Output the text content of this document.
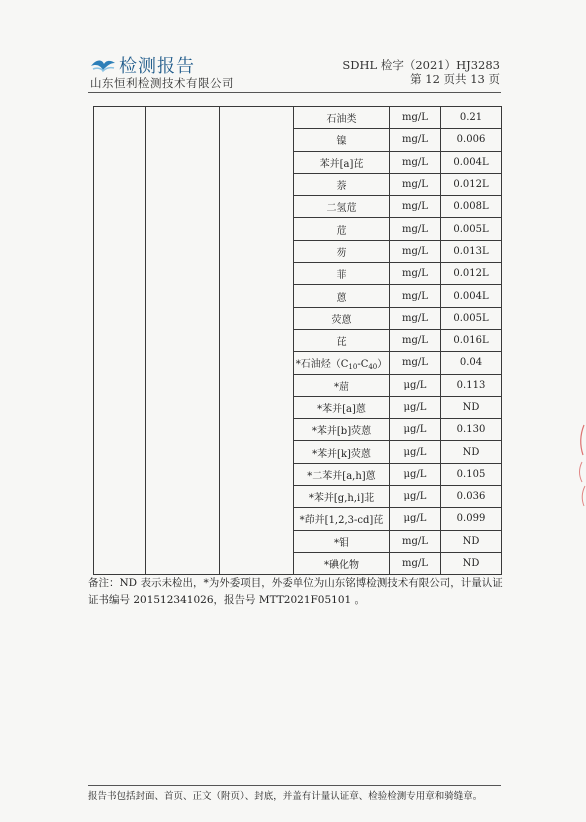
检测报告
山东恒利检测技术有限公司
SDHL 检字（2021）HJ3283
第 12 页共 13 页
			石油类	mg/L	0.21
			镍	mg/L	0.006
			苯并[a]芘	mg/L	0.004L
			萘	mg/L	0.012L
			二氢苊	mg/L	0.008L
			苊	mg/L	0.005L
			芴	mg/L	0.013L
			菲	mg/L	0.012L
			蒽	mg/L	0.004L
			荧蒽	mg/L	0.005L
			芘	mg/L	0.016L
			*石油烃$(C_{10}-C_{40})$	mg/L	0.04
			*䓛	μg/L	0.113
			*苯并[a]蒽	μg/L	ND
			*苯并[b]荧蒽	μg/L	0.130
			*苯并[k]荧蒽	μg/L	ND
			*二苯并[a,h]蒽	μg/L	0.105
			*苯并[g,h,i]苝	μg/L	0.036
			*茚并[1,2,3-cd]芘	μg/L	0.099
			*钼	mg/L	ND
			*碘化物	mg/L	ND
备注：ND 表示未检出，*为外委项目，外委单位为山东铭博检测技术有限公司，计量认证
证书编号 201512341026，报告号 MTT2021F05101 。
报告书包括封面、首页、正文（附页）、封底，并盖有计量认证章、检验检测专用章和骑缝章。
